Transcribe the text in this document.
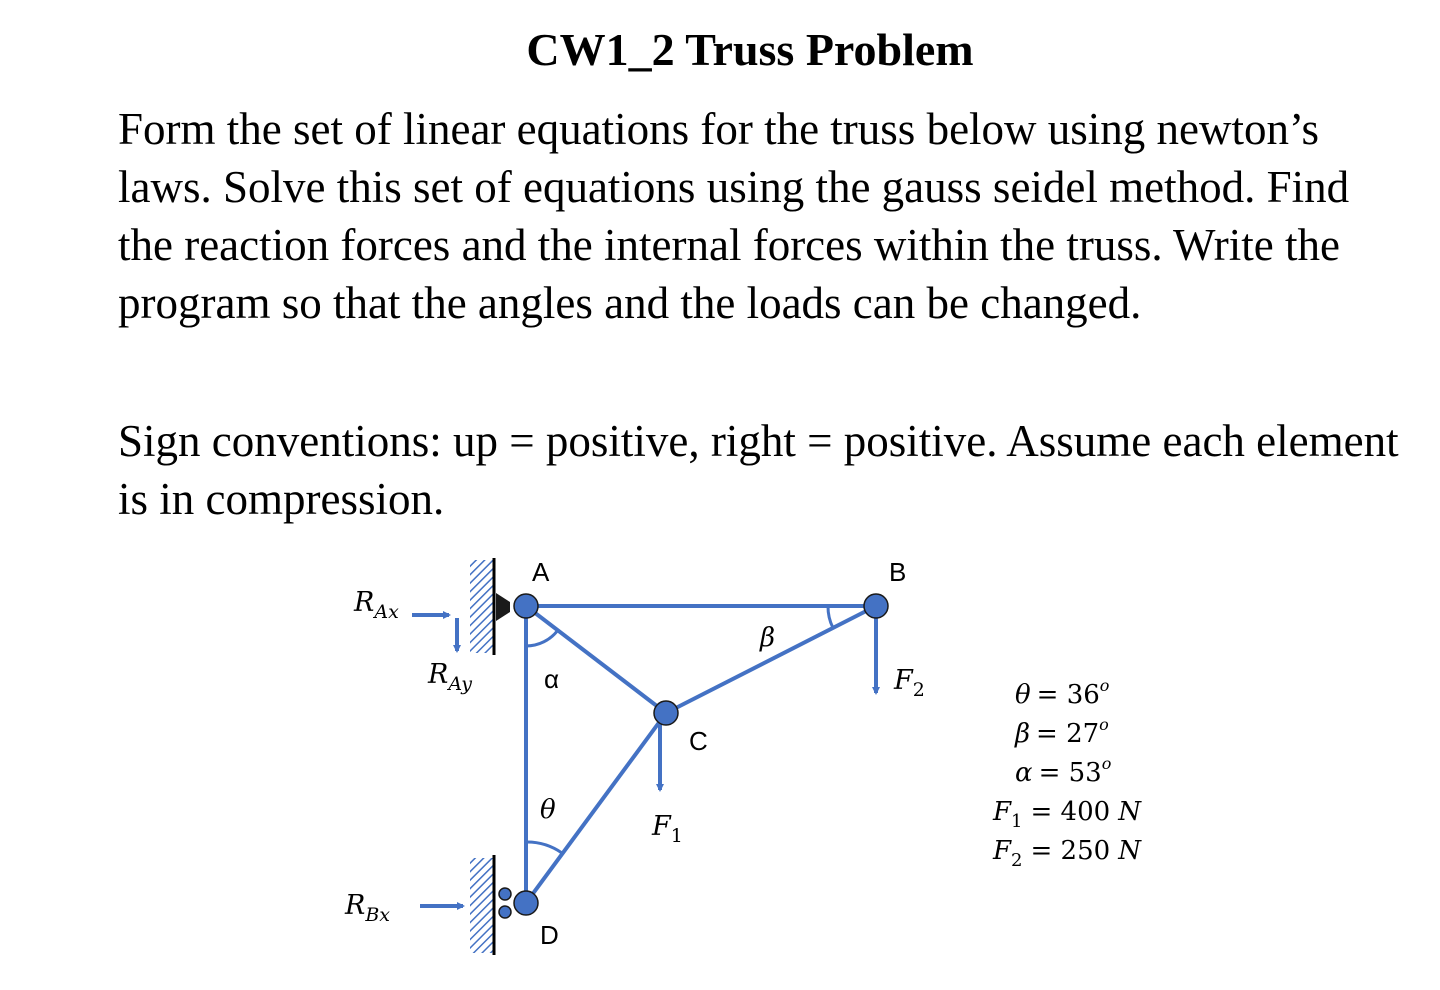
CW1_2 Truss Problem

Form the set of linear equations for the truss below using newton’s laws. Solve this set of equations using the gauss seidel method. Find the reaction forces and the internal forces within the truss. Write the program so that the angles and the loads can be changed.

Sign conventions: up = positive, right = positive. Assume each element is in compression.

A	B
C
D
α
β
θ
$R_{Ax}$
$R_{Ay}$
$R_{Bx}$
$F_1$
$F_2$	$\theta = 36^o$
$\beta = 27^o$
$\alpha = 53^o$
$F_1 = 400$ N
$F_2 = 250$ N
